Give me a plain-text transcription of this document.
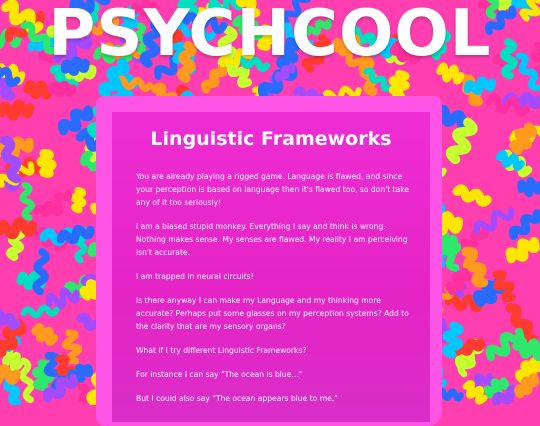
PSYCHCOOL
Linguistic Frameworks

You are already playing a rigged game. Language is flawed, and since your perception is based on language then it's flawed too, so don't take any of it too seriously!

I am a biased stupid monkey. Everything I say and think is wrong. Nothing makes sense. My senses are flawed. My reality I am perceiving isn't accurate.

I am trapped in neural circuits!

Is there anyway I can make my Language and my thinking more accurate? Perhaps put some glasses on my perception systems? Add to the clarity that are my sensory organs?

What if I try different Linguistic Frameworks?

For instance I can say "The ocean is blue..."

But I could also say "The ocean appears blue to me."
